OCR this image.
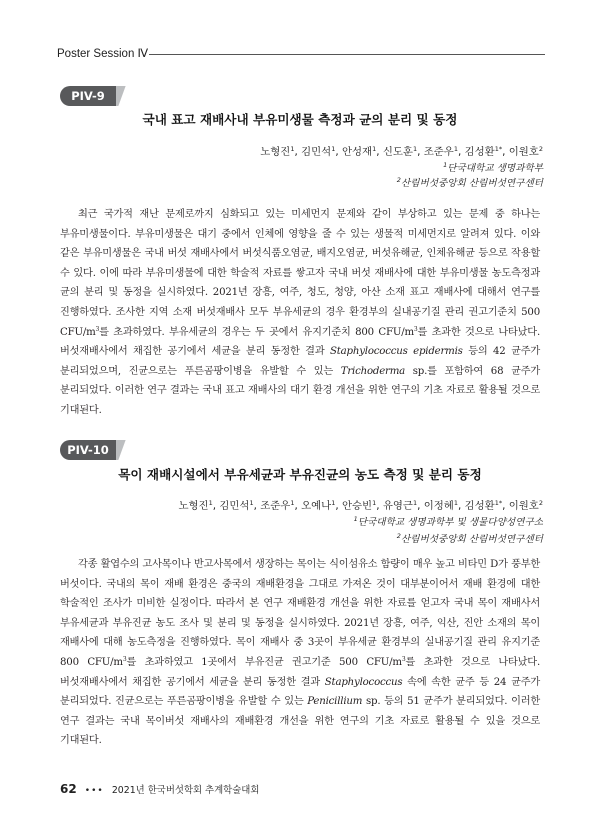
Poster Session Ⅳ
PIV-9
국내 표고 재배사내 부유미생물 측정과 균의 분리 및 동정
노형진$^1$, 김민석$^1$, 안성재$^1$, 신도훈$^1$, 조준우$^1$, 김성환$^{1*}$, 이원호$^2$
$^1$단국대학교 생명과학부
$^2$산림버섯중앙회 산림버섯연구센터

최근 국가적 재난 문제로까지 심화되고 있는 미세먼지 문제와 같이 부상하고 있는 문제 중 하나는 부유미생물이다. 부유미생물은 대기 중에서 인체에 영향을 줄 수 있는 생물적 미세먼지로 알려져 있다. 이와 같은 부유미생물은 국내 버섯 재배사에서 버섯식품오염균, 배지오염균, 버섯유해균, 인체유해균 등으로 작용할 수 있다. 이에 따라 부유미생물에 대한 학술적 자료를 쌓고자 국내 버섯 재배사에 대한 부유미생물 농도측정과 균의 분리 및 동정을 실시하였다. 2021년 장흥, 여주, 청도, 청양, 아산 소재 표고 재배사에 대해서 연구를 진행하였다. 조사한 지역 소재 버섯재배사 모두 부유세균의 경우 환경부의 실내공기질 관리 권고기준치 500 CFU/$m^3$를 초과하였다. 부유세균의 경우는 두 곳에서 유지기준치 800 CFU/$m^3$를 초과한 것으로 나타났다. 버섯재배사에서 채집한 공기에서 세균을 분리 동정한 결과 Staphylococcus epidermis 등의 42 균주가 분리되었으며, 진균으로는 푸른곰팡이병을 유발할 수 있는 Trichoderma sp.를 포함하여 68 균주가 분리되었다. 이러한 연구 결과는 국내 표고 재배사의 대기 환경 개선을 위한 연구의 기초 자료로 활용될 것으로 기대된다.

PIV-10
목이 재배시설에서 부유세균과 부유진균의 농도 측정 및 분리 동정
노형진$^1$, 김민석$^1$, 조준우$^1$, 오예나$^1$, 안승빈$^1$, 유영근$^1$, 이정혜$^1$, 김성환$^{1*}$, 이원호$^2$
$^1$단국대학교 생명과학부 및 생물다양성연구소
$^2$산림버섯중앙회 산림버섯연구센터

각종 활엽수의 고사목이나 반고사목에서 생장하는 목이는 식이섬유소 함량이 매우 높고 비타민 D가 풍부한 버섯이다. 국내의 목이 재배 환경은 중국의 재배환경을 그대로 가져온 것이 대부분이어서 재배 환경에 대한 학술적인 조사가 미비한 실정이다. 따라서 본 연구 재배환경 개선을 위한 자료를 얻고자 국내 목이 재배사서 부유세균과 부유진균 농도 조사 및 분리 및 동정을 실시하였다. 2021년 장흥, 여주, 익산, 진안 소재의 목이 재배사에 대해 농도측정을 진행하였다. 목이 재배사 중 3곳이 부유세균 환경부의 실내공기질 관리 유지기준 800 CFU/$m^3$를 초과하였고 1곳에서 부유진균 권고기준 500 CFU/$m^3$를 초과한 것으로 나타났다. 버섯재배사에서 채집한 공기에서 세균을 분리 동정한 결과 Staphylococcus 속에 속한 균주 등 24 균주가 분리되었다. 진균으로는 푸른곰팡이병을 유발할 수 있는 Penicillium sp. 등의 51 균주가 분리되었다. 이러한 연구 결과는 국내 목이버섯 재배사의 재배환경 개선을 위한 연구의 기초 자료로 활용될 수 있을 것으로 기대된다.

62 ••• 2021년 한국버섯학회 추계학술대회
